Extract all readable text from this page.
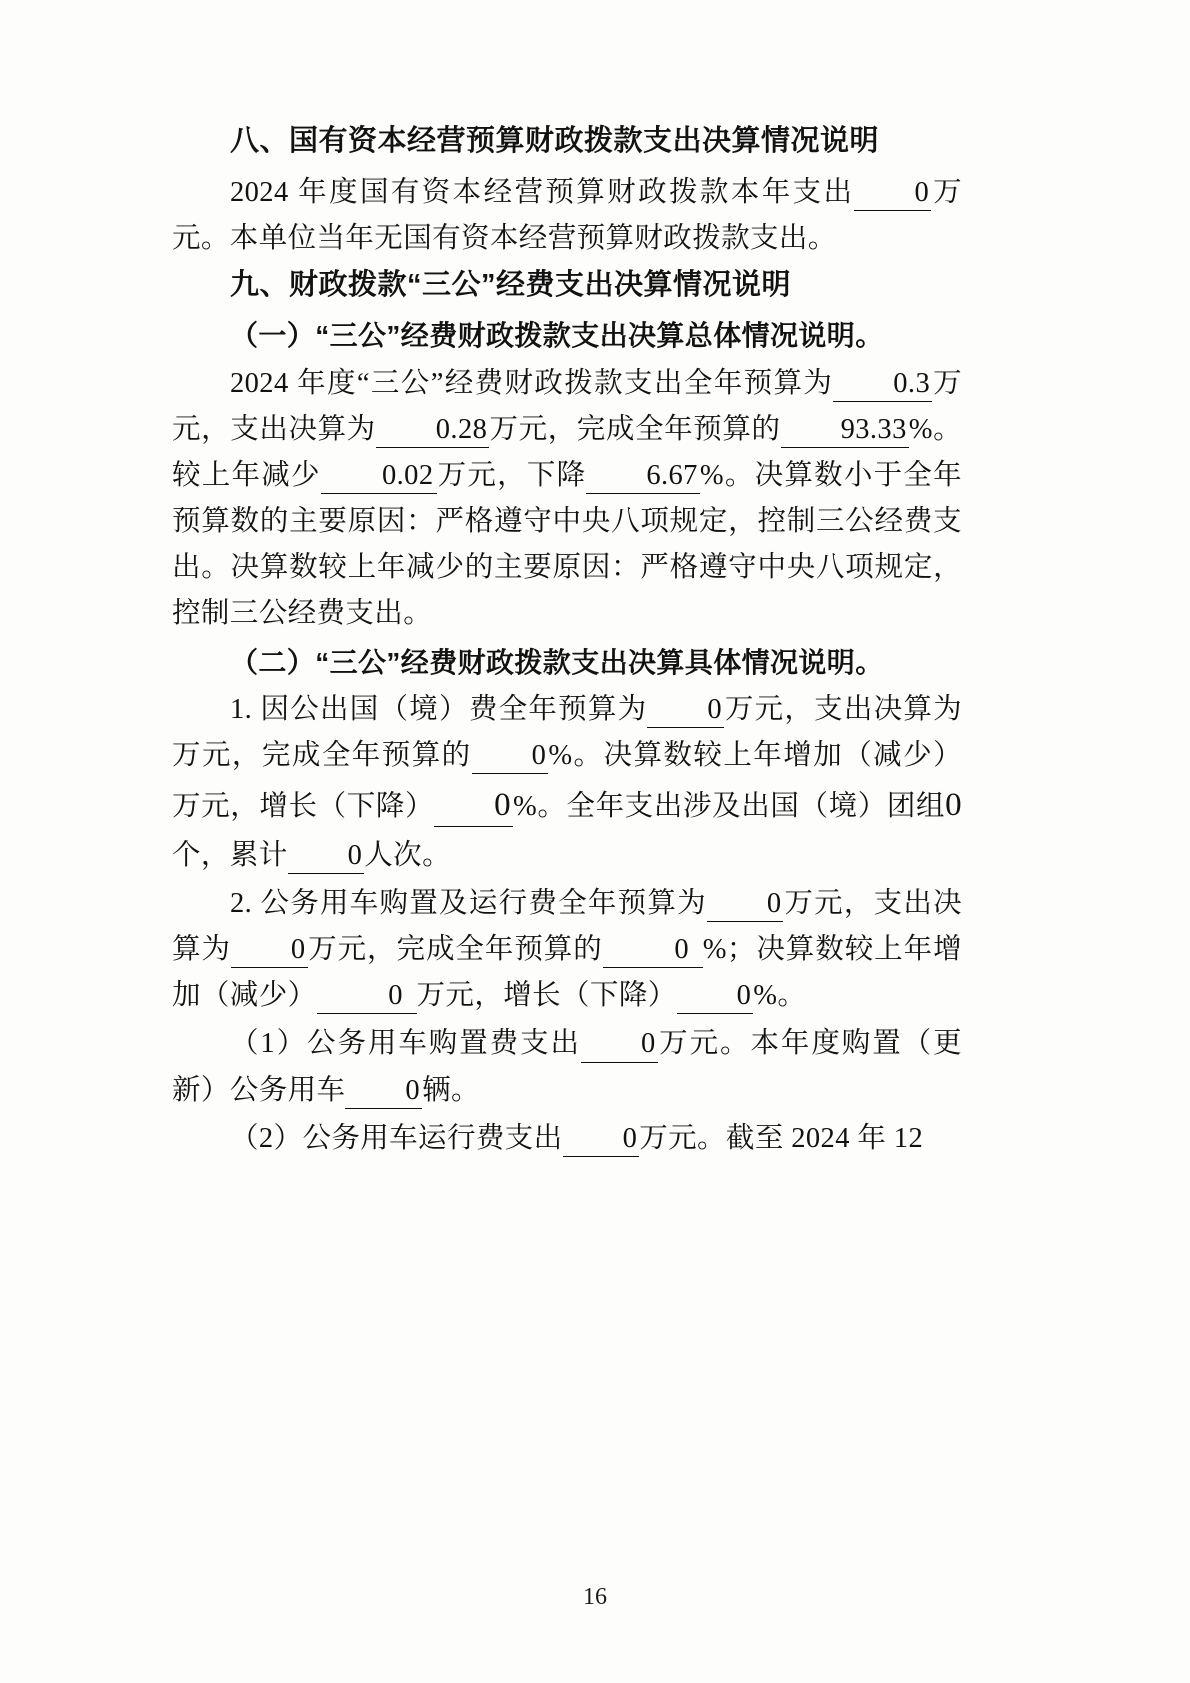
八、国有资本经营预算财政拨款支出决算情况说明

2024 年度国有资本经营预算财政拨款本年支出 0万元。本单位当年无国有资本经营预算财政拨款支出。

九、财政拨款“三公”经费支出决算情况说明

（一）“三公”经费财政拨款支出决算总体情况说明。

2024 年度“三公”经费财政拨款支出全年预算为 0.3万元，支出决算为 0.28万元，完成全年预算的 93.33%。较上年减少 0.02 万元，下降 6.67%。决算数小于全年预算数的主要原因：严格遵守中央八项规定，控制三公经费支出。决算数较上年减少的主要原因：严格遵守中央八项规定，控制三公经费支出。

（二）“三公”经费财政拨款支出决算具体情况说明。

1. 因公出国（境）费全年预算为 0万元，支出决算为 万元，完成全年预算的 0%。决算数较上年增加（减少） 万元，增长（下降） 0%。全年支出涉及出国（境）团组0个，累计 0人次。

2. 公务用车购置及运行费全年预算为 0万元，支出决算为 0万元，完成全年预算的	0 %；决算数较上年增加（减少）	0 万元，增长（下降） 0%。

（1）公务用车购置费支出 0万元。本年度购置（更新）公务用车 0辆。

（2）公务用车运行费支出 0万元。截至 2024 年 12

16
